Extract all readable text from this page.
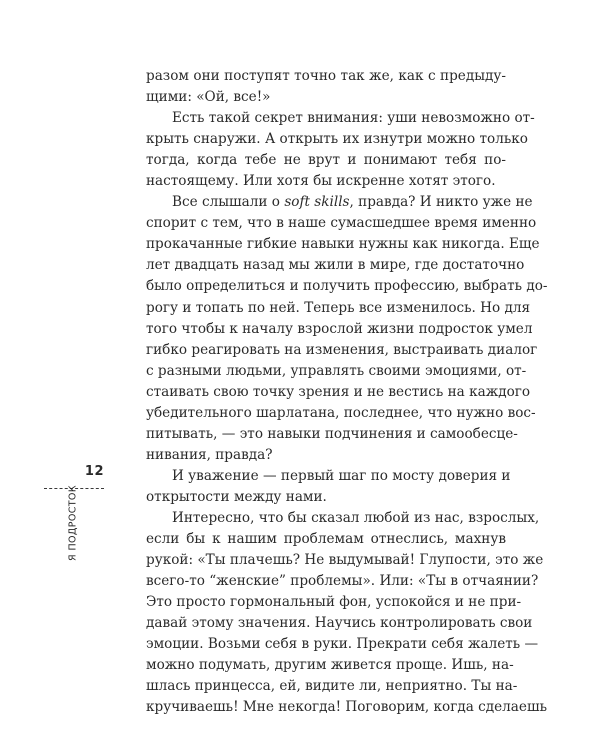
разом они поступят точно так же, как с предыду-
щими: «Ой, все!»
Есть такой секрет внимания: уши невозможно от-
крыть снаружи. А открыть их изнутри можно только
тогда, когда тебе не врут и понимают тебя по-
настоящему. Или хотя бы искренне хотят этого.
Все слышали о soft skills, правда? И никто уже не
спорит с тем, что в наше сумасшедшее время именно
прокачанные гибкие навыки нужны как никогда. Еще
лет двадцать назад мы жили в мире, где достаточно
было определиться и получить профессию, выбрать до-
рогу и топать по ней. Теперь все изменилось. Но для
того чтобы к началу взрослой жизни подросток умел
гибко реагировать на изменения, выстраивать диалог
с разными людьми, управлять своими эмоциями, от-
стаивать свою точку зрения и не вестись на каждого
убедительного шарлатана, последнее, что нужно вос-
питывать, — это навыки подчинения и самообесце-
нивания, правда?
И уважение — первый шаг по мосту доверия и
открытости между нами.
Интересно, что бы сказал любой из нас, взрослых,
если бы к нашим проблемам отнеслись, махнув
рукой: «Ты плачешь? Не выдумывай! Глупости, это же
всего-то “женские” проблемы». Или: «Ты в отчаянии?
Это просто гормональный фон, успокойся и не при-
давай этому значения. Научись контролировать свои
эмоции. Возьми себя в руки. Прекрати себя жалеть —
можно подумать, другим живется проще. Ишь, на-
шлась принцесса, ей, видите ли, неприятно. Ты на-
кручиваешь! Мне некогда! Поговорим, когда сделаешь
12
Я ПОДРОСТОК
